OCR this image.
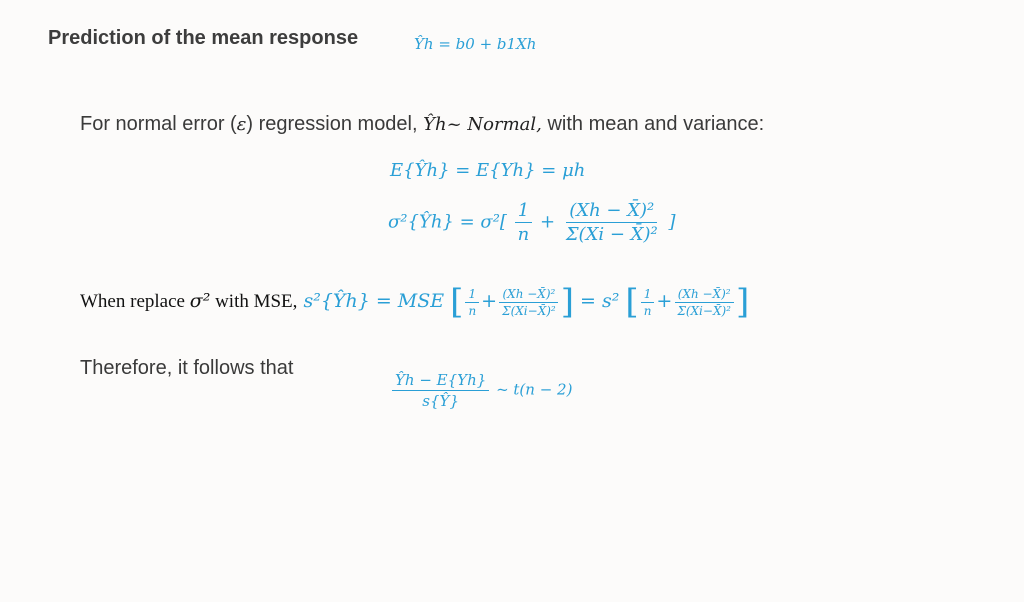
Prediction of the mean response	Ŷh = b0 + b1Xh
For normal error (ε) regression model, Ŷh~ Normal, with mean and variance:
E{Ŷh} = E{Yh} = μh
σ²{Ŷh} = $\sigma^2[ \frac{1}{n} + \frac{\text{(Xh − X̄)²}}{\text{Σ(Xi − X̄)²}}$ ]
When replace σ² with MSE, s²{Ŷh} = MSE [ $\frac{1}{n} + \frac{\text{(Xh −X̄)²}}{\text{Σ(Xi−X̄)²}}$ ] = s² [ $\frac{1}{n} + \frac{\text{(Xh −X̄)²}}{\text{Σ(Xi−X̄)²}}$ ]
Therefore, it follows that
$\frac{Ŷh - E\{Yh\}}{s\{Ŷ\}}$ ~ t(n − 2)
